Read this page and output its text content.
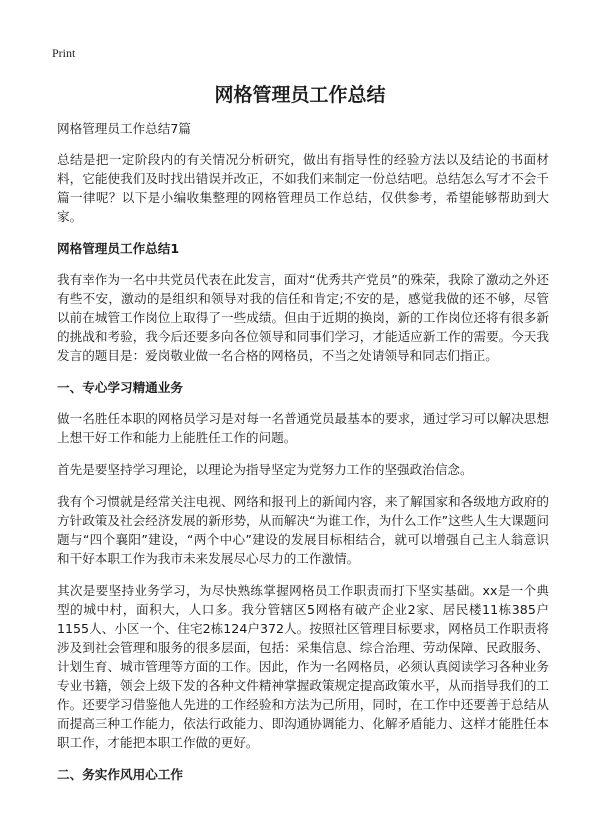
Print
网格管理员工作总结

网格管理员工作总结7篇

总结是把一定阶段内的有关情况分析研究，做出有指导性的经验方法以及结论的书面材料，它能使我们及时找出错误并改正，不如我们来制定一份总结吧。总结怎么写才不会千篇一律呢？以下是小编收集整理的网格管理员工作总结，仅供参考，希望能够帮助到大家。

网格管理员工作总结1

我有幸作为一名中共党员代表在此发言，面对“优秀共产党员”的殊荣，我除了激动之外还有些不安，激动的是组织和领导对我的信任和肯定;不安的是，感觉我做的还不够，尽管以前在城管工作岗位上取得了一些成绩。但由于近期的换岗，新的工作岗位还将有很多新的挑战和考验，我今后还要多向各位领导和同事们学习，才能适应新工作的需要。今天我发言的题目是：爱岗敬业做一名合格的网格员，不当之处请领导和同志们指正。

一、专心学习精通业务

做一名胜任本职的网格员学习是对每一名普通党员最基本的要求，通过学习可以解决思想上想干好工作和能力上能胜任工作的问题。

首先是要坚持学习理论，以理论为指导坚定为党努力工作的坚强政治信念。

我有个习惯就是经常关注电视、网络和报刊上的新闻内容，来了解国家和各级地方政府的方针政策及社会经济发展的新形势，从而解决“为谁工作，为什么工作”这些人生大课题问题与“四个襄阳”建设，“两个中心”建设的发展目标相结合，就可以增强自己主人翁意识和干好本职工作为我市未来发展尽心尽力的工作激情。

其次是要坚持业务学习，为尽快熟练掌握网格员工作职责而打下坚实基础。xx是一个典型的城中村，面积大，人口多。我分管辖区5网格有破产企业2家、居民楼11栋385户1155人、小区一个、住宅2栋124户372人。按照社区管理目标要求，网格员工作职责将涉及到社会管理和服务的很多层面，包括：采集信息、综合治理、劳动保障、民政服务、计划生育、城市管理等方面的工作。因此，作为一名网格员，必须认真阅读学习各种业务专业书籍，领会上级下发的各种文件精神掌握政策规定提高政策水平，从而指导我们的工作。还要学习借鉴他人先进的工作经验和方法为己所用，同时，在工作中还要善于总结从而提高三种工作能力，依法行政能力、即沟通协调能力、化解矛盾能力、这样才能胜任本职工作，才能把本职工作做的更好。

二、务实作风用心工作
